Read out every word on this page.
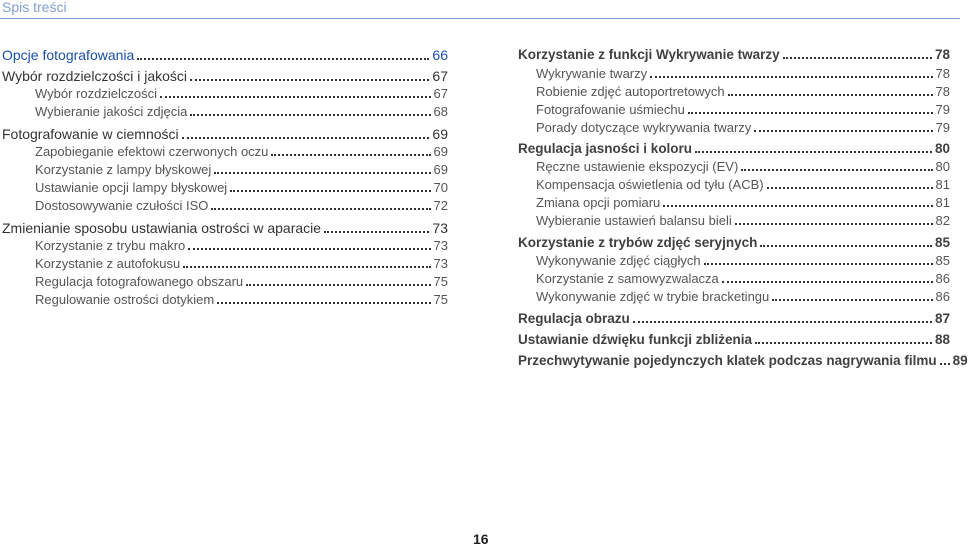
Spis treści
Opcje fotografowania	66
Wybór rozdzielczości i jakości	67
Wybór rozdzielczości	67
Wybieranie jakości zdjęcia	68
Fotografowanie w ciemności	69
Zapobieganie efektowi czerwonych oczu	69
Korzystanie z lampy błyskowej	69
Ustawianie opcji lampy błyskowej	70
Dostosowywanie czułości ISO	72
Zmienianie sposobu ustawiania ostrości w aparacie	73
Korzystanie z trybu makro	73
Korzystanie z autofokusu	73
Regulacja fotografowanego obszaru	75
Regulowanie ostrości dotykiem	75
Korzystanie z funkcji Wykrywanie twarzy	78
Wykrywanie twarzy	78
Robienie zdjęć autoportretowych	78
Fotografowanie uśmiechu	79
Porady dotyczące wykrywania twarzy	79
Regulacja jasności i koloru	80
Ręczne ustawienie ekspozycji (EV)	80
Kompensacja oświetlenia od tyłu (ACB)	81
Zmiana opcji pomiaru	81
Wybieranie ustawień balansu bieli	82
Korzystanie z trybów zdjęć seryjnych	85
Wykonywanie zdjęć ciągłych	85
Korzystanie z samowyzwalacza	86
Wykonywanie zdjęć w trybie bracketingu	86
Regulacja obrazu	87
Ustawianie dźwięku funkcji zbliżenia	88
Przechwytywanie pojedynczych klatek podczas nagrywania filmu 89
16
